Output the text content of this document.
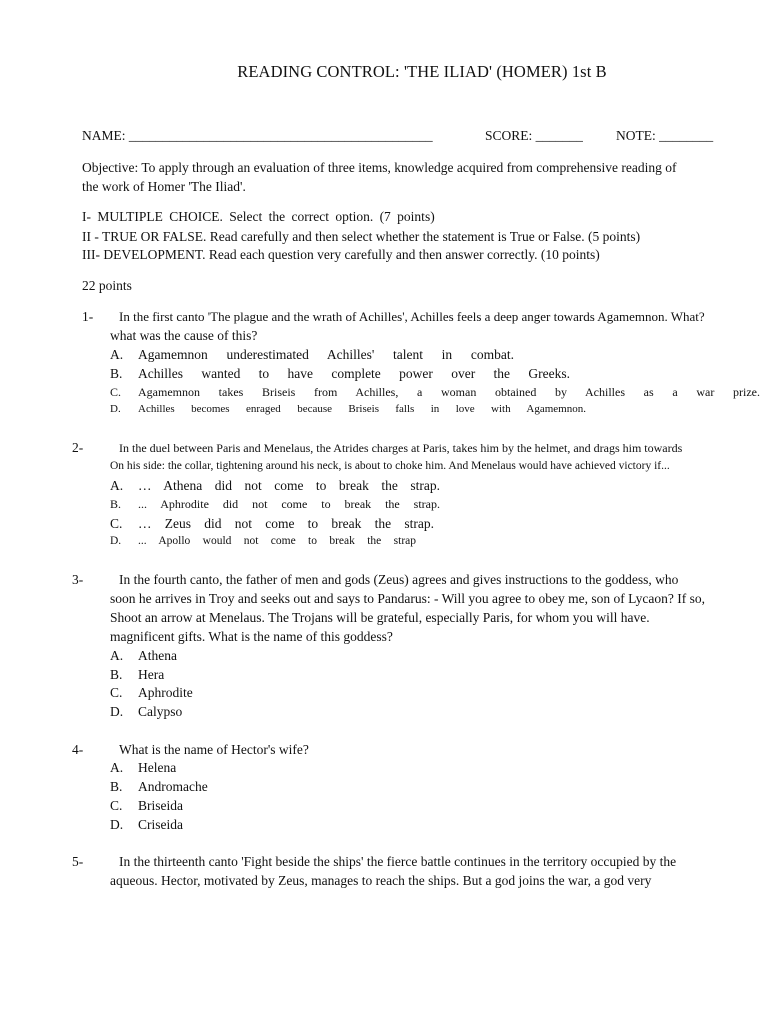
READING CONTROL: 'THE ILIAD' (HOMER) 1st B
NAME: _____________________________________________	SCORE: _______ NOTE: ________
Objective: To apply through an evaluation of three items, knowledge acquired from comprehensive reading of
the work of Homer 'The Iliad'.
I- MULTIPLE CHOICE. Select the correct option. (7 points)
II - TRUE OR FALSE. Read carefully and then select whether the statement is True or False. (5 points)
III- DEVELOPMENT. Read each question very carefully and then answer correctly. (10 points)
22 points
1- In the first canto 'The plague and the wrath of Achilles', Achilles feels a deep anger towards Agamemnon. What?
what was the cause of this?
A.	Agamemnon underestimated Achilles' talent in combat.
B.	Achilles wanted to have complete power over the Greeks.
C.	Agamemnon takes Briseis from Achilles, a woman obtained by Achilles as a war prize.
D.	Achilles becomes enraged because Briseis falls in love with Agamemnon.
2-	In the duel between Paris and Menelaus, the Atrides charges at Paris, takes him by the helmet, and drags him towards
On his side: the collar, tightening around his neck, is about to choke him. And Menelaus would have achieved victory if...
A.	… Athena did not come to break the strap.
B.	... Aphrodite did not come to break the strap.
C.	… Zeus did not come to break the strap.
D.	... Apollo would not come to break the strap
3-	In the fourth canto, the father of men and gods (Zeus) agrees and gives instructions to the goddess, who
soon he arrives in Troy and seeks out and says to Pandarus: - Will you agree to obey me, son of Lycaon? If so,
Shoot an arrow at Menelaus. The Trojans will be grateful, especially Paris, for whom you will have.
magnificent gifts. What is the name of this goddess?
A. Athena
B. Hera
C. Aphrodite
D. Calypso
4-	What is the name of Hector's wife?
A. Helena
B. Andromache
C. Briseida
D. Criseida
5-	In the thirteenth canto 'Fight beside the ships' the fierce battle continues in the territory occupied by the
aqueous. Hector, motivated by Zeus, manages to reach the ships. But a god joins the war, a god very
